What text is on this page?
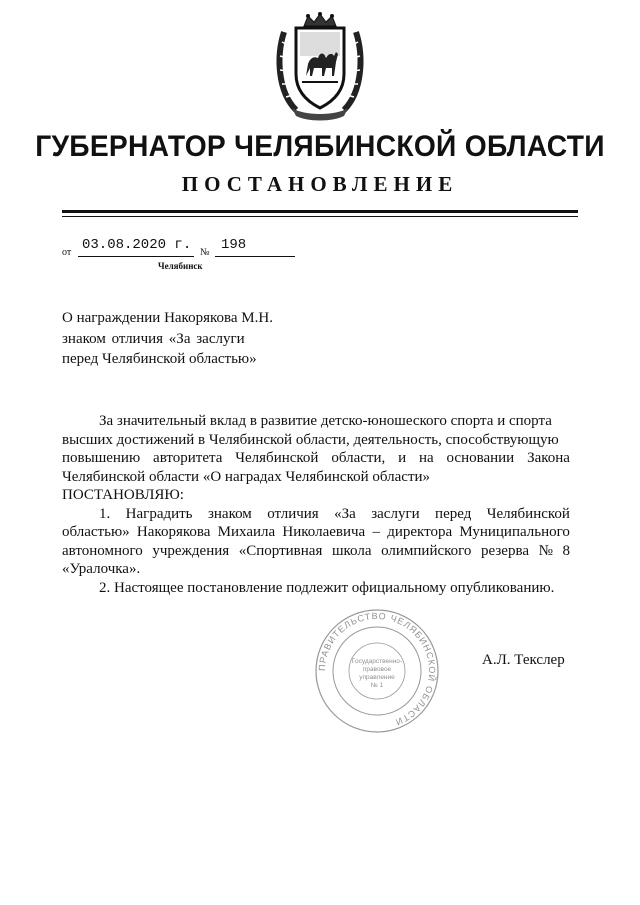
ГУБЕРНАТОР ЧЕЛЯБИНСКОЙ ОБЛАСТИ
ПОСТАНОВЛЕНИЕ
от 03.08.2020 г. № 198
Челябинск
О награждении Накорякова М.Н.
знаком отличия «За заслуги
перед Челябинской областью»
За значительный вклад в развитие детско-юношеского спорта и спорта
высших достижений в Челябинской области, деятельность, способствующую
повышению авторитета Челябинской области, и на основании Закона
Челябинской области «О наградах Челябинской области»
ПОСТАНОВЛЯЮ:
1. Наградить знаком отличия «За заслуги перед Челябинской
областью» Накорякова Михаила Николаевича – директора Муниципального
автономного учреждения «Спортивная школа олимпийского резерва № 8
«Уралочка».
2. Настоящее постановление подлежит официальному опубликованию.
ПРАВИТЕЛЬСТВО ЧЕЛЯБИНСКОЙ ОБЛАСТИ
Государственно-
правовое
управление
№ 1
А.Л. Текслер
